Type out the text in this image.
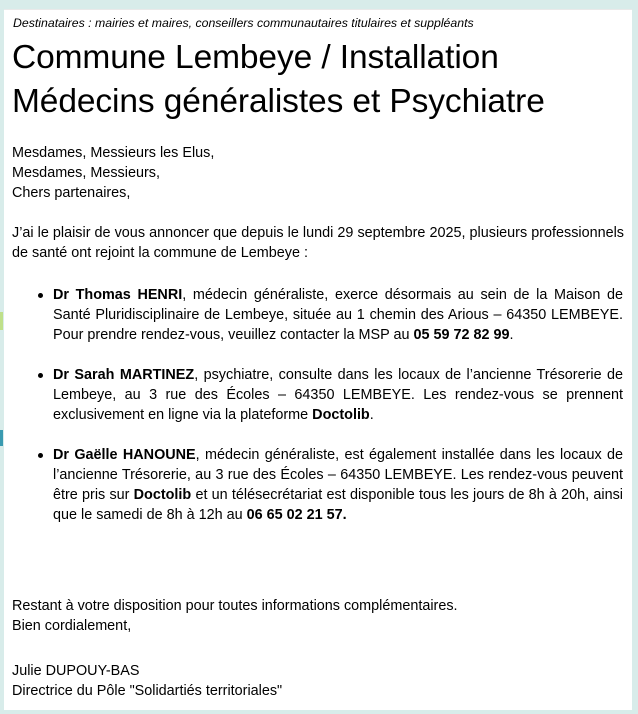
Destinataires : mairies et maires, conseillers communautaires titulaires et suppléants
Commune Lembeye / Installation
Médecins généralistes et Psychiatre
Mesdames, Messieurs les Elus,
Mesdames, Messieurs,
Chers partenaires,
J’ai le plaisir de vous annoncer que depuis le lundi 29 septembre 2025, plusieurs professionnels de santé ont rejoint la commune de Lembeye :
Dr Thomas HENRI, médecin généraliste, exerce désormais au sein de la Maison de Santé Pluridisciplinaire de Lembeye, située au 1 chemin des Arious – 64350 LEMBEYE. Pour prendre rendez-vous, veuillez contacter la MSP au 05 59 72 82 99.
Dr Sarah MARTINEZ, psychiatre, consulte dans les locaux de l’ancienne Trésorerie de Lembeye, au 3 rue des Écoles – 64350 LEMBEYE. Les rendez-vous se prennent exclusivement en ligne via la plateforme Doctolib.
Dr Gaëlle HANOUNE, médecin généraliste, est également installée dans les locaux de l’ancienne Trésorerie, au 3 rue des Écoles – 64350 LEMBEYE. Les rendez-vous peuvent être pris sur Doctolib et un télésecrétariat est disponible tous les jours de 8h à 20h, ainsi que le samedi de 8h à 12h au 06 65 02 21 57.
Restant à votre disposition pour toutes informations complémentaires.
Bien cordialement,
Julie DUPOUY-BAS
Directrice du Pôle "Solidartiés territoriales"
